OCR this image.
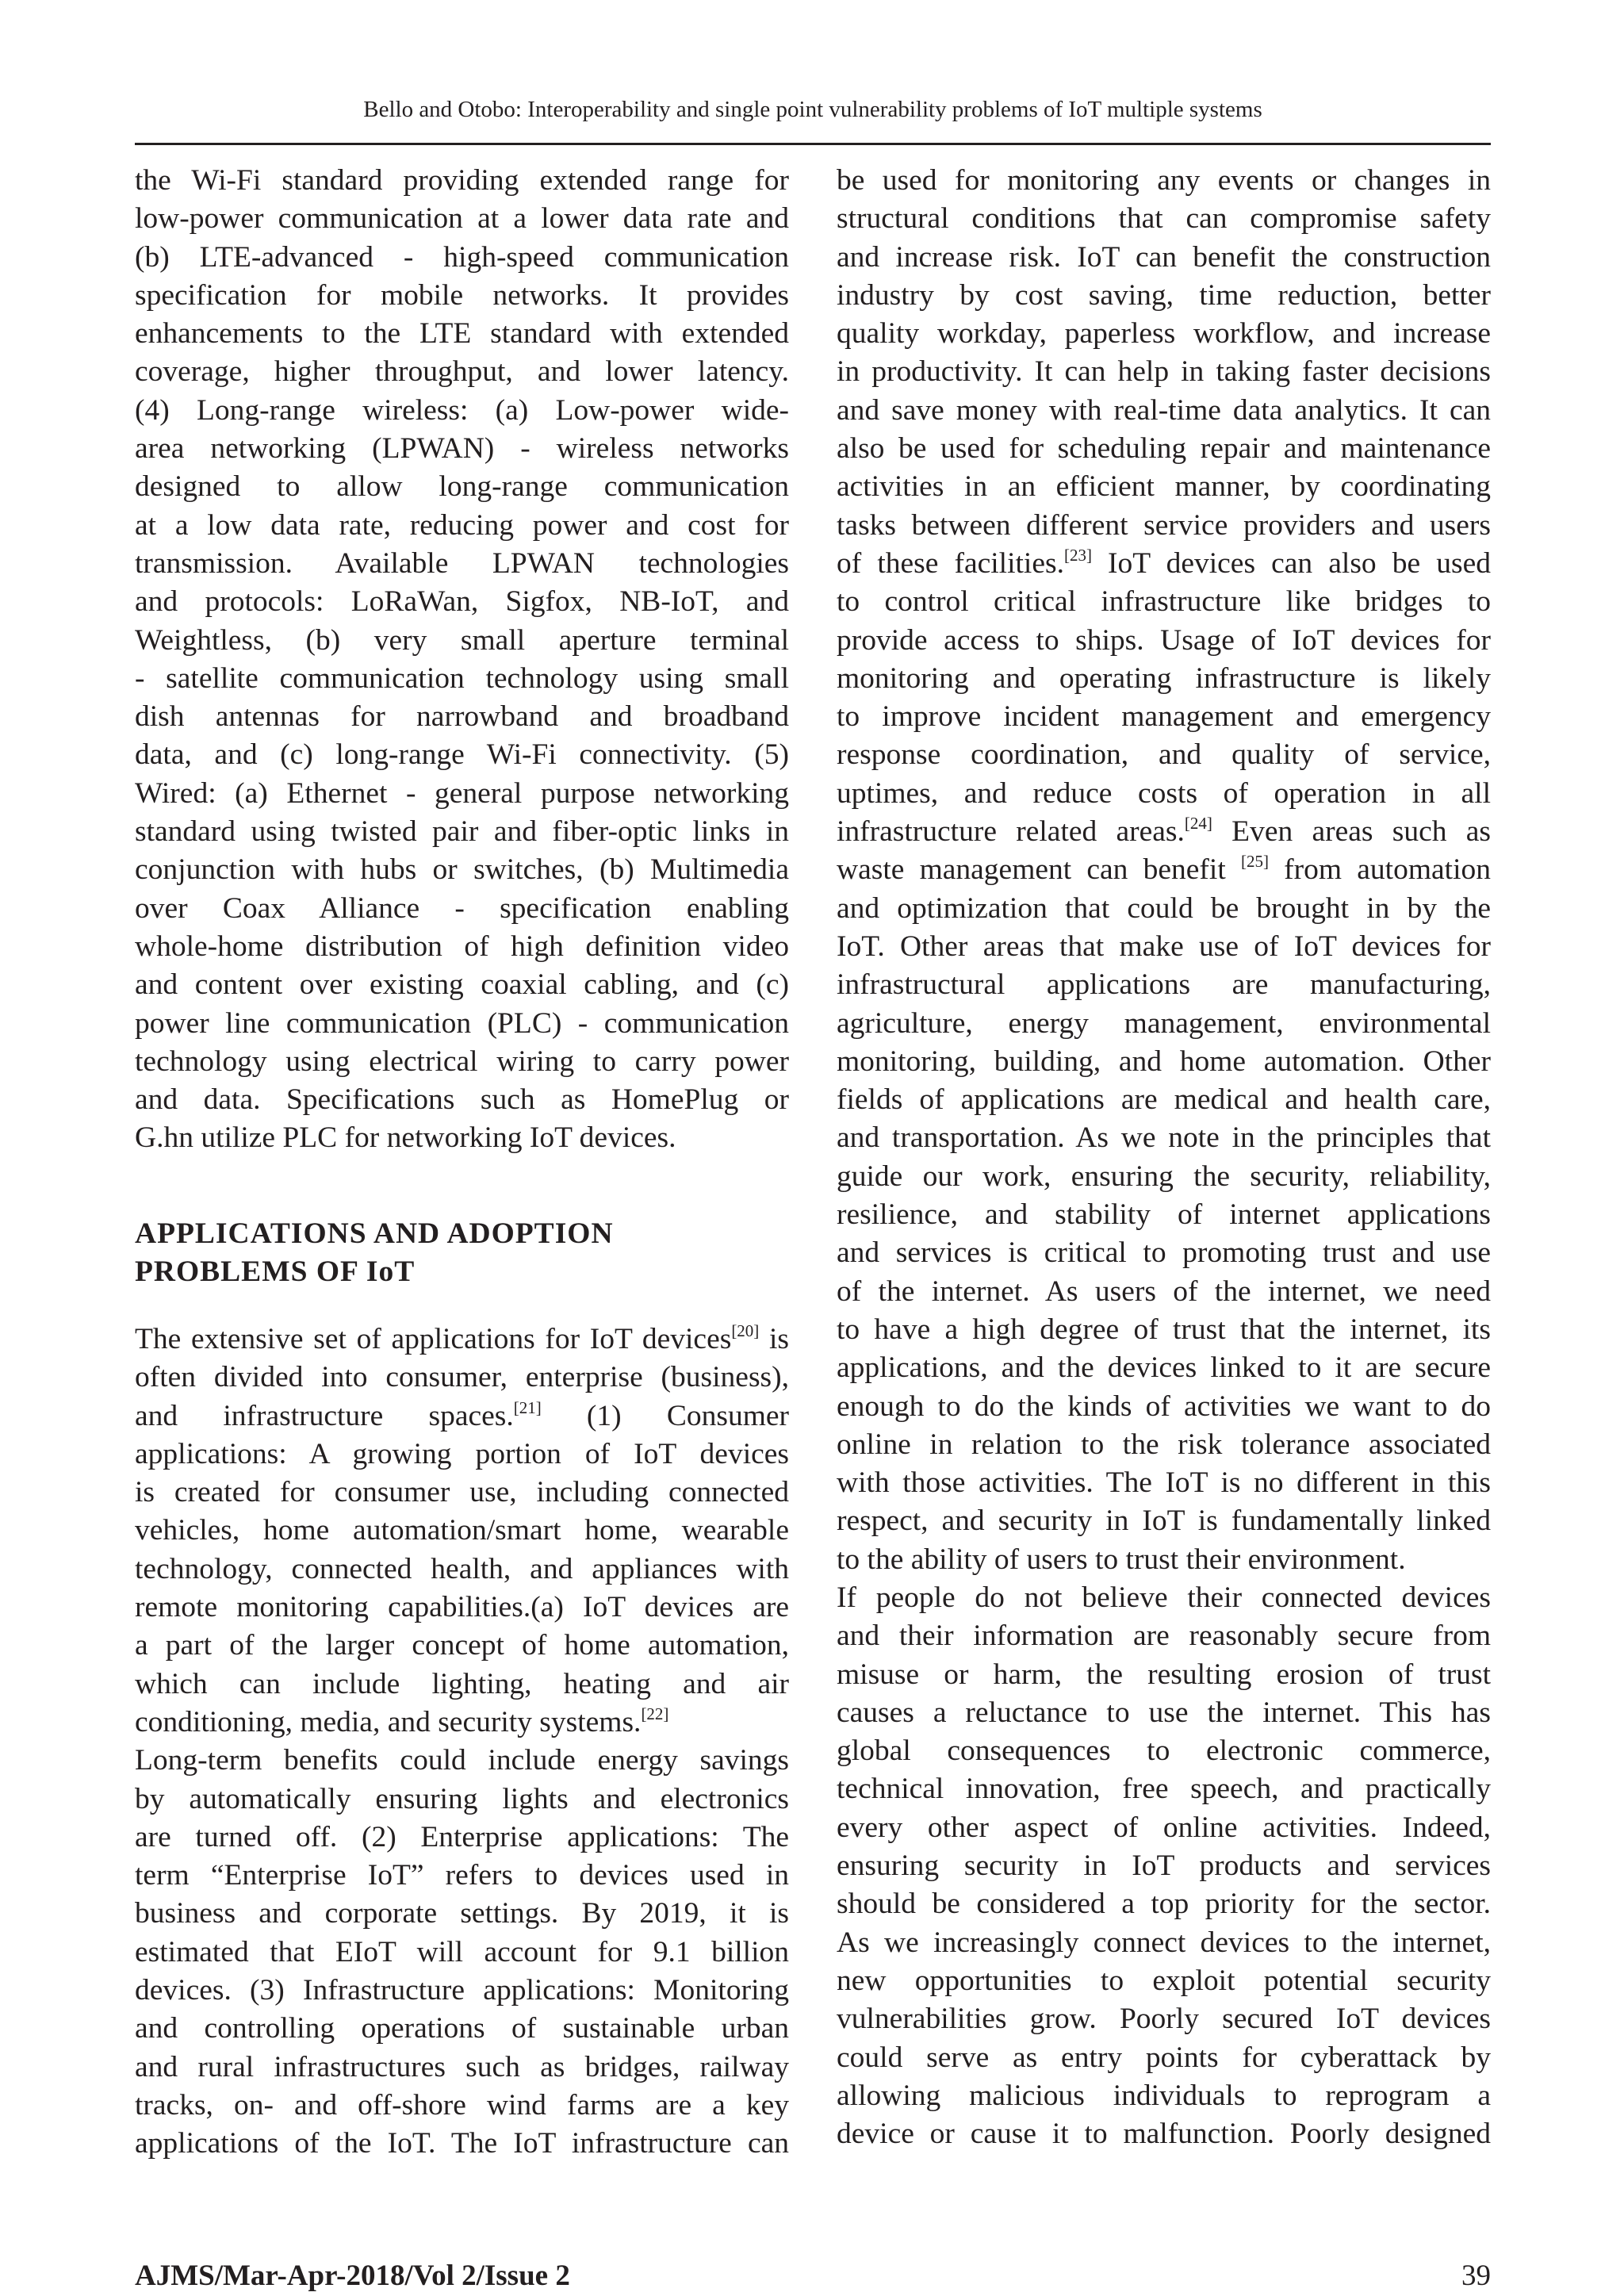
Bello and Otobo: Interoperability and single point vulnerability problems of IoT multiple systems
the Wi-Fi standard providing extended range for
low-power communication at a lower data rate and
(b) LTE-advanced - high-speed communication
specification for mobile networks. It provides
enhancements to the LTE standard with extended
coverage, higher throughput, and lower latency.
(4) Long-range wireless: (a) Low-power wide-
area networking (LPWAN) - wireless networks
designed to allow long-range communication
at a low data rate, reducing power and cost for
transmission. Available LPWAN technologies
and protocols: LoRaWan, Sigfox, NB-IoT, and
Weightless, (b) very small aperture terminal
- satellite communication technology using small
dish antennas for narrowband and broadband
data, and (c) long-range Wi-Fi connectivity. (5)
Wired: (a) Ethernet - general purpose networking
standard using twisted pair and fiber-optic links in
conjunction with hubs or switches, (b) Multimedia
over Coax Alliance - specification enabling
whole-home distribution of high definition video
and content over existing coaxial cabling, and (c)
power line communication (PLC) - communication
technology using electrical wiring to carry power
and data. Specifications such as HomePlug or
G.hn utilize PLC for networking IoT devices.
APPLICATIONS AND ADOPTION
PROBLEMS OF IoT
The extensive set of applications for IoT devices[20] is
often divided into consumer, enterprise (business),
and infrastructure spaces.[21] (1) Consumer
applications: A growing portion of IoT devices
is created for consumer use, including connected
vehicles, home automation/smart home, wearable
technology, connected health, and appliances with
remote monitoring capabilities.(a) IoT devices are
a part of the larger concept of home automation,
which can include lighting, heating and air
conditioning, media, and security systems.[22]
Long-term benefits could include energy savings
by automatically ensuring lights and electronics
are turned off. (2) Enterprise applications: The
term “Enterprise IoT” refers to devices used in
business and corporate settings. By 2019, it is
estimated that EIoT will account for 9.1 billion
devices. (3) Infrastructure applications: Monitoring
and controlling operations of sustainable urban
and rural infrastructures such as bridges, railway
tracks, on- and off-shore wind farms are a key
applications of the IoT. The IoT infrastructure can
be used for monitoring any events or changes in
structural conditions that can compromise safety
and increase risk. IoT can benefit the construction
industry by cost saving, time reduction, better
quality workday, paperless workflow, and increase
in productivity. It can help in taking faster decisions
and save money with real-time data analytics. It can
also be used for scheduling repair and maintenance
activities in an efficient manner, by coordinating
tasks between different service providers and users
of these facilities.[23] IoT devices can also be used
to control critical infrastructure like bridges to
provide access to ships. Usage of IoT devices for
monitoring and operating infrastructure is likely
to improve incident management and emergency
response coordination, and quality of service,
uptimes, and reduce costs of operation in all
infrastructure related areas.[24] Even areas such as
waste management can benefit [25] from automation
and optimization that could be brought in by the
IoT. Other areas that make use of IoT devices for
infrastructural applications are manufacturing,
agriculture, energy management, environmental
monitoring, building, and home automation. Other
fields of applications are medical and health care,
and transportation. As we note in the principles that
guide our work, ensuring the security, reliability,
resilience, and stability of internet applications
and services is critical to promoting trust and use
of the internet. As users of the internet, we need
to have a high degree of trust that the internet, its
applications, and the devices linked to it are secure
enough to do the kinds of activities we want to do
online in relation to the risk tolerance associated
with those activities. The IoT is no different in this
respect, and security in IoT is fundamentally linked
to the ability of users to trust their environment.
If people do not believe their connected devices
and their information are reasonably secure from
misuse or harm, the resulting erosion of trust
causes a reluctance to use the internet. This has
global consequences to electronic commerce,
technical innovation, free speech, and practically
every other aspect of online activities. Indeed,
ensuring security in IoT products and services
should be considered a top priority for the sector.
As we increasingly connect devices to the internet,
new opportunities to exploit potential security
vulnerabilities grow. Poorly secured IoT devices
could serve as entry points for cyberattack by
allowing malicious individuals to reprogram a
device or cause it to malfunction. Poorly designed
AJMS/Mar-Apr-2018/Vol 2/Issue 2	39
